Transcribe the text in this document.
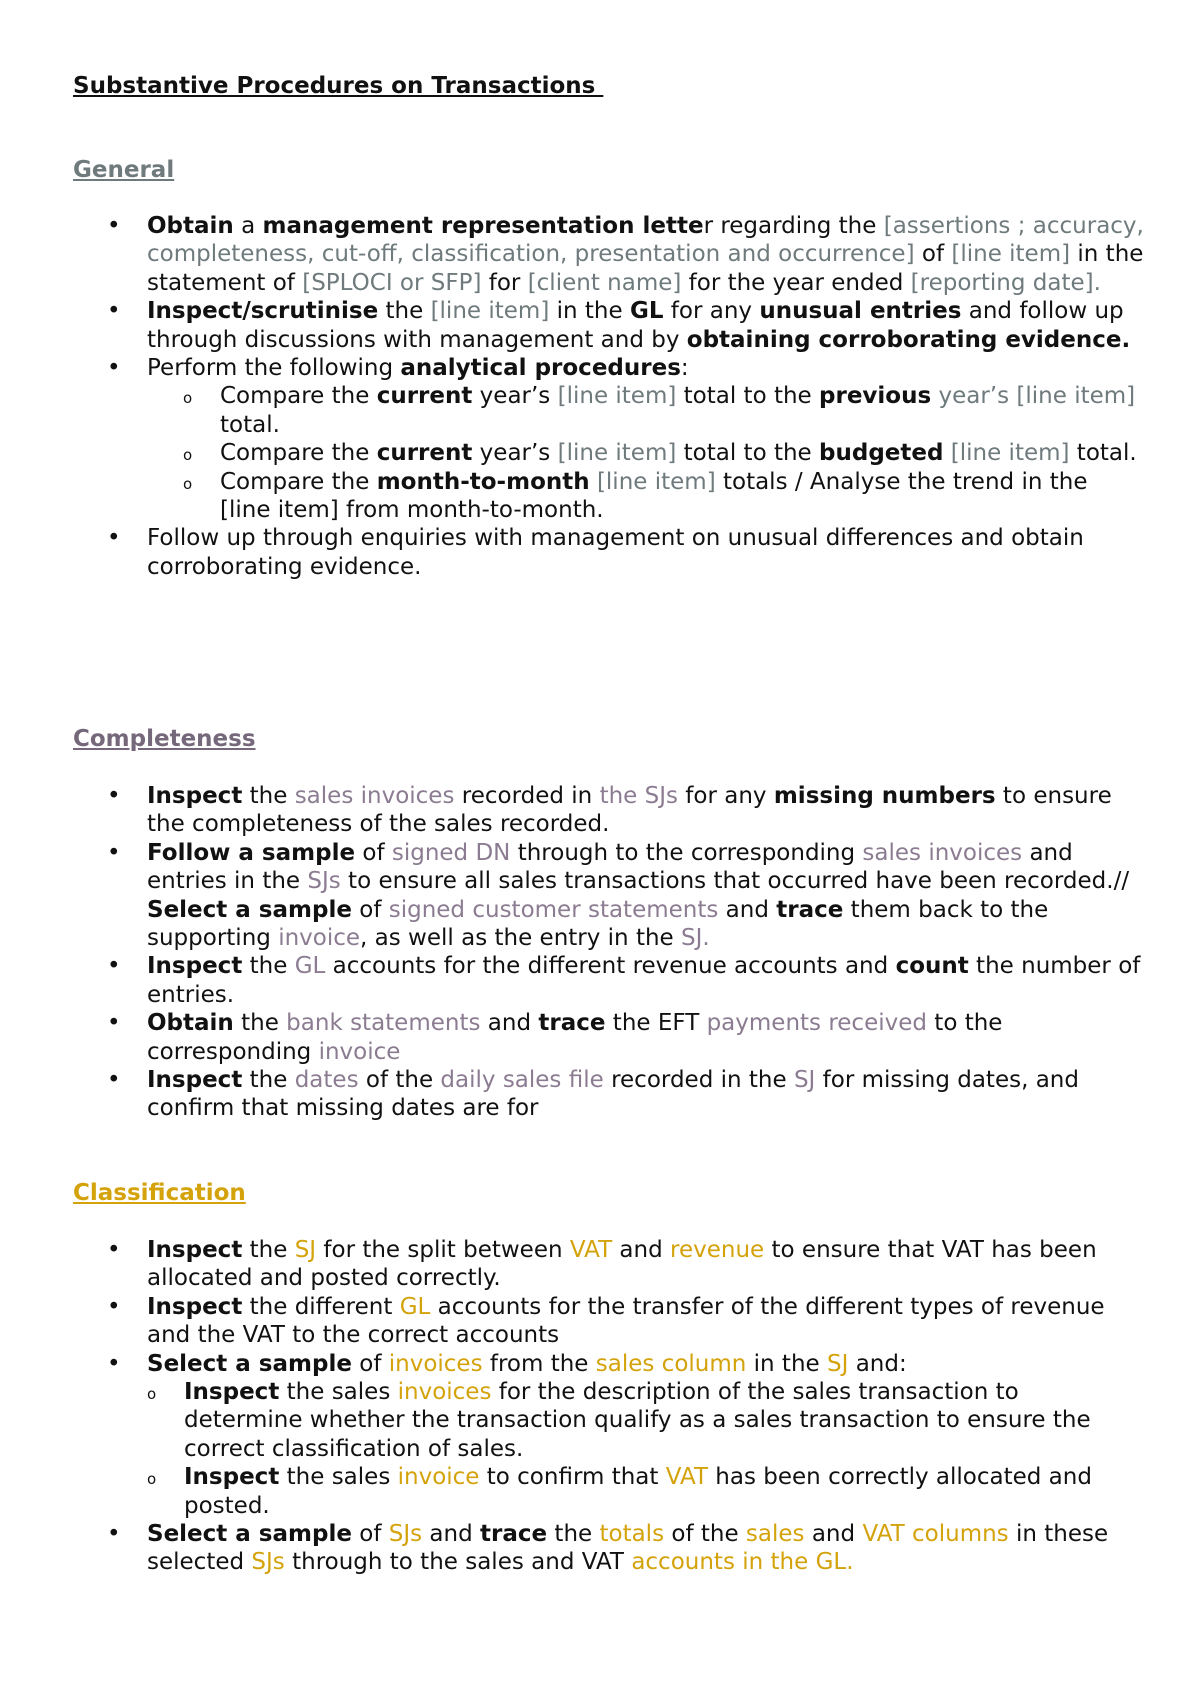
Substantive Procedures on Transactions
General
• Obtain a management representation letter regarding the [assertions ; accuracy, completeness, cut-off, classification, presentation and occurrence] of [line item] in the statement of [SPLOCI or SFP] for [client name] for the year ended [reporting date].
• Inspect/scrutinise the [line item] in the GL for any unusual entries and follow up through discussions with management and by obtaining corroborating evidence.
• Perform the following analytical procedures:
o Compare the current year’s [line item] total to the previous year’s [line item] total.
o Compare the current year’s [line item] total to the budgeted [line item] total.
o Compare the month-to-month [line item] totals / Analyse the trend in the [line item] from month-to-month.
• Follow up through enquiries with management on unusual differences and obtain corroborating evidence.
Completeness
• Inspect the sales invoices recorded in the SJs for any missing numbers to ensure the completeness of the sales recorded.
• Follow a sample of signed DN through to the corresponding sales invoices and entries in the SJs to ensure all sales transactions that occurred have been recorded.// Select a sample of signed customer statements and trace them back to the supporting invoice, as well as the entry in the SJ.
• Inspect the GL accounts for the different revenue accounts and count the number of entries.
• Obtain the bank statements and trace the EFT payments received to the corresponding invoice
• Inspect the dates of the daily sales file recorded in the SJ for missing dates, and confirm that missing dates are for
Classification
• Inspect the SJ for the split between VAT and revenue to ensure that VAT has been allocated and posted correctly.
• Inspect the different GL accounts for the transfer of the different types of revenue and the VAT to the correct accounts
• Select a sample of invoices from the sales column in the SJ and:
o Inspect the sales invoices for the description of the sales transaction to determine whether the transaction qualify as a sales transaction to ensure the correct classification of sales.
o Inspect the sales invoice to confirm that VAT has been correctly allocated and posted.
• Select a sample of SJs and trace the totals of the sales and VAT columns in these selected SJs through to the sales and VAT accounts in the GL.
